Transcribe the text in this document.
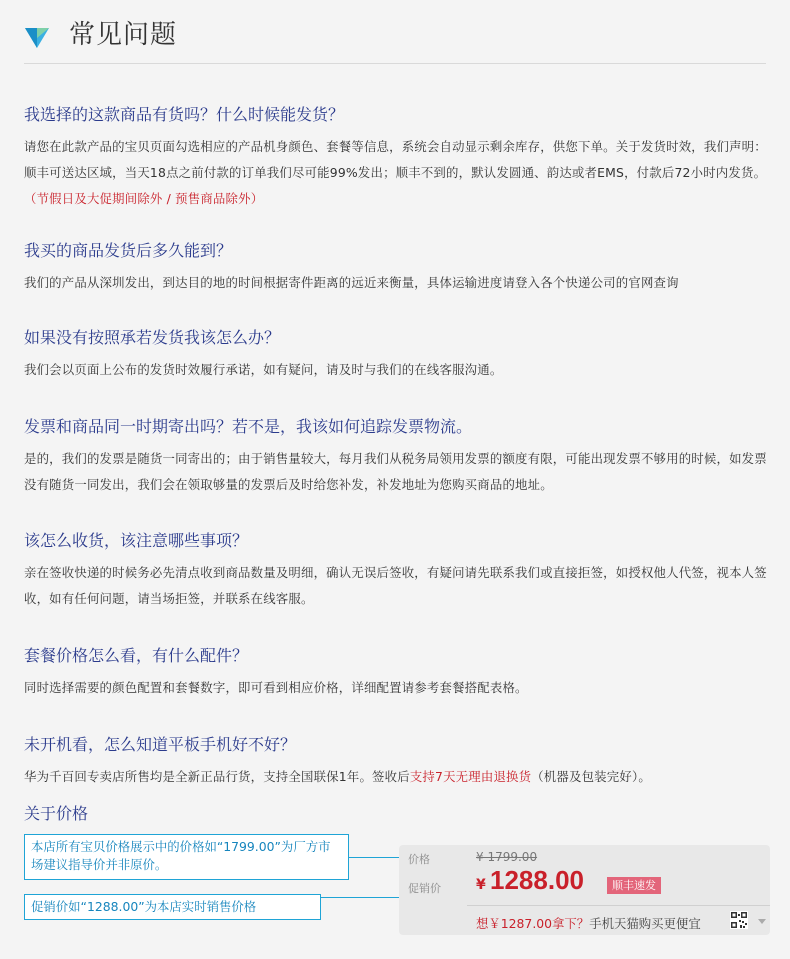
常见问题
我选择的这款商品有货吗？什么时候能发货？
请您在此款产品的宝贝页面勾选相应的产品机身颜色、套餐等信息，系统会自动显示剩余库存，供您下单。关于发货时效，我们声明：顺丰可送达区域，当天18点之前付款的订单我们尽可能99%发出；顺丰不到的，默认发圆通、韵达或者EMS，付款后72小时内发货。（节假日及大促期间除外 / 预售商品除外）
我买的商品发货后多久能到？
我们的产品从深圳发出，到达目的地的时间根据寄件距离的远近来衡量，具体运输进度请登入各个快递公司的官网查询
如果没有按照承若发货我该怎么办？
我们会以页面上公布的发货时效履行承诺，如有疑问，请及时与我们的在线客服沟通。
发票和商品同一时期寄出吗？若不是，我该如何追踪发票物流。
是的，我们的发票是随货一同寄出的；由于销售量较大，每月我们从税务局领用发票的额度有限，可能出现发票不够用的时候，如发票没有随货一同发出，我们会在领取够量的发票后及时给您补发，补发地址为您购买商品的地址。
该怎么收货，该注意哪些事项？
亲在签收快递的时候务必先清点收到商品数量及明细，确认无误后签收，有疑问请先联系我们或直接拒签，如授权他人代签，视本人签收，如有任何问题，请当场拒签，并联系在线客服。
套餐价格怎么看，有什么配件？
同时选择需要的颜色配置和套餐数字，即可看到相应价格，详细配置请参考套餐搭配表格。
未开机看，怎么知道平板手机好不好？
华为千百回专卖店所售均是全新正品行货，支持全国联保1年。签收后支持7天无理由退换货（机器及包装完好）。
关于价格
本店所有宝贝价格展示中的价格如“1799.00”为厂方市场建议指导价并非原价。
促销价如“1288.00”为本店实时销售价格
价格	¥ 1799.00
促销价	¥ 1288.00	顺丰速发
想￥1287.00拿下？手机天猫购买更便宜
